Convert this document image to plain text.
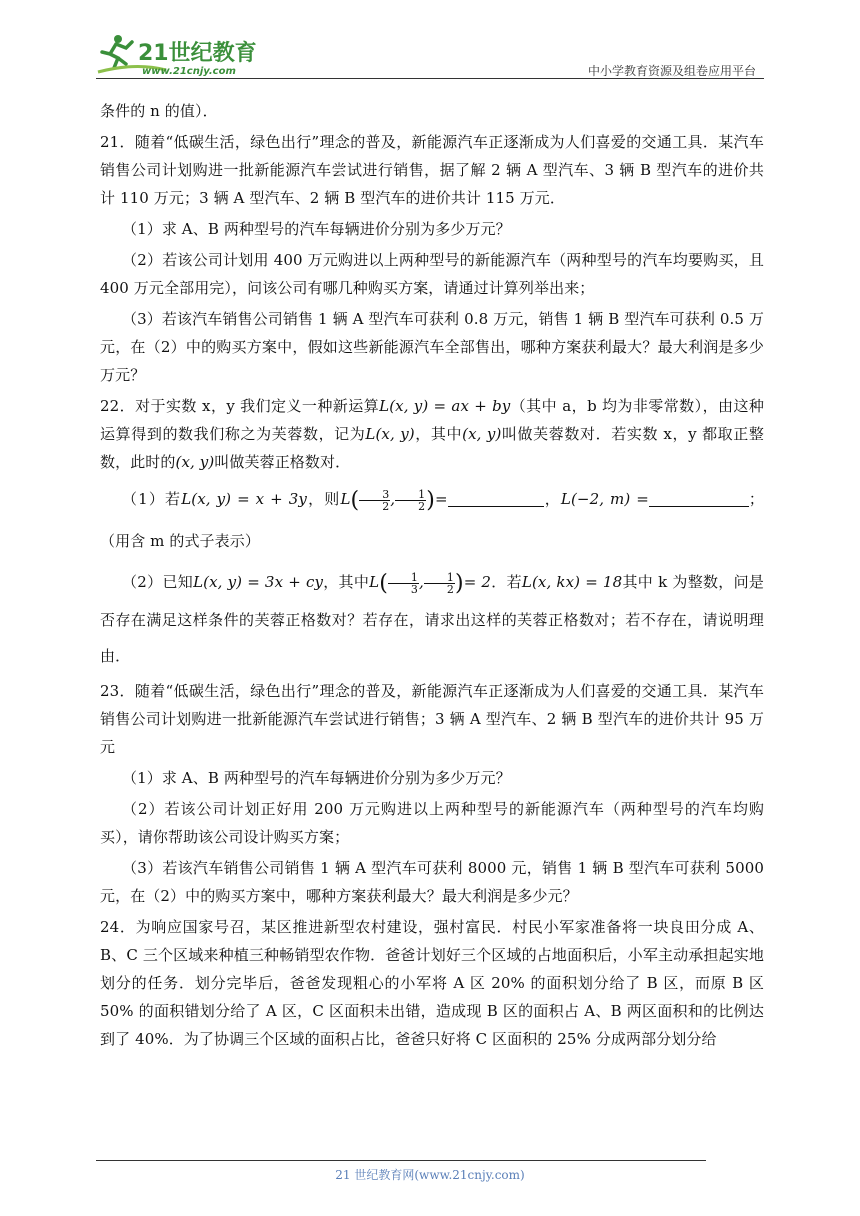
21世纪教育
www.21cnjy.com	中小学教育资源及组卷应用平台

条件的 n 的值）．

21．随着“低碳生活，绿色出行”理念的普及，新能源汽车正逐渐成为人们喜爱的交通工具．某汽车销售公司计划购进一批新能源汽车尝试进行销售，据了解 2 辆 A 型汽车、3 辆 B 型汽车的进价共计 110 万元；3 辆 A 型汽车、2 辆 B 型汽车的进价共计 115 万元．

（1）求 A、B 两种型号的汽车每辆进价分别为多少万元？

（2）若该公司计划用 400 万元购进以上两种型号的新能源汽车（两种型号的汽车均要购买，且 400 万元全部用完），问该公司有哪几种购买方案，请通过计算列举出来；

（3）若该汽车销售公司销售 1 辆 A 型汽车可获利 0.8 万元，销售 1 辆 B 型汽车可获利 0.5 万元，在（2）中的购买方案中，假如这些新能源汽车全部售出，哪种方案获利最大？最大利润是多少万元？

22．对于实数 x，y 我们定义一种新运算L(x, y) = ax + by（其中 a，b 均为非零常数），由这种运算得到的数我们称之为芙蓉数，记为L(x, y)，其中(x, y)叫做芙蓉数对．若实数 x，y 都取正整数，此时的(x, y)叫做芙蓉正格数对．

（1）若L(x, y) = x + 3y，则$L( \frac{3}{2}$ , $\frac{1}{2}$ )=	，L(−2, m) =	；（用含 m 的式子表示）

（2）已知L(x, y) = 3x + cy，其中$L( \frac{1}{3}$ , $\frac{1}{2}$ )= 2．若L(x, kx) = 18其中 k 为整数，问是否存在满足这样条件的芙蓉正格数对？若存在，请求出这样的芙蓉正格数对；若不存在，请说明理由．

23．随着“低碳生活，绿色出行”理念的普及，新能源汽车正逐渐成为人们喜爱的交通工具．某汽车销售公司计划购进一批新能源汽车尝试进行销售；3 辆 A 型汽车、2 辆 B 型汽车的进价共计 95 万元

（1）求 A、B 两种型号的汽车每辆进价分别为多少万元？

（2）若该公司计划正好用 200 万元购进以上两种型号的新能源汽车（两种型号的汽车均购买），请你帮助该公司设计购买方案；

（3）若该汽车销售公司销售 1 辆 A 型汽车可获利 8000 元，销售 1 辆 B 型汽车可获利 5000 元，在（2）中的购买方案中，哪种方案获利最大？最大利润是多少元？

24．为响应国家号召，某区推进新型农村建设，强村富民．村民小军家准备将一块良田分成 A、B、C 三个区域来种植三种畅销型农作物．爸爸计划好三个区域的占地面积后，小军主动承担起实地划分的任务．划分完毕后，爸爸发现粗心的小军将 A 区 20% 的面积划分给了 B 区，而原 B 区 50% 的面积错划分给了 A 区，C 区面积未出错，造成现 B 区的面积占 A、B 两区面积和的比例达到了 40%．为了协调三个区域的面积占比，爸爸只好将 C 区面积的 25% 分成两部分划分给

21 世纪教育网(www.21cnjy.com)
